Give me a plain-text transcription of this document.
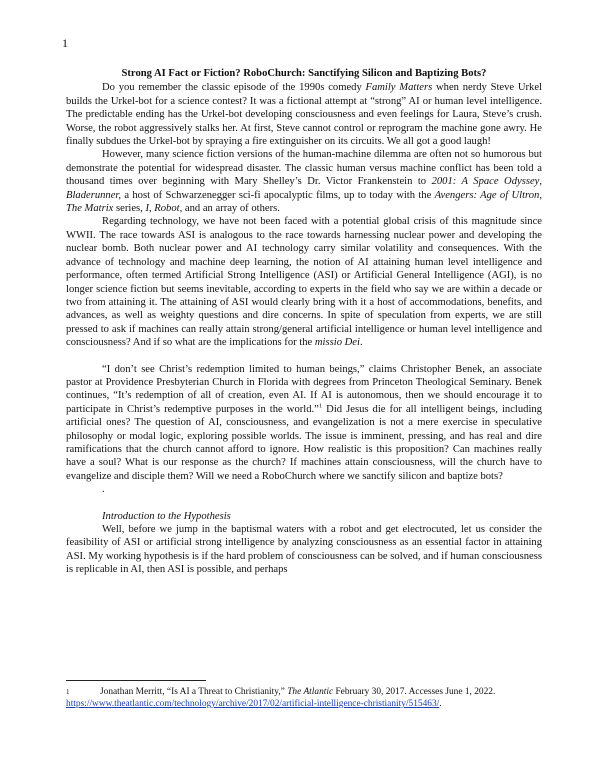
1
Strong AI Fact or Fiction? RoboChurch: Sanctifying Silicon and Baptizing Bots?

Do you remember the classic episode of the 1990s comedy Family Matters when nerdy Steve Urkel builds the Urkel-bot for a science contest? It was a fictional attempt at “strong” AI or human level intelligence. The predictable ending has the Urkel-bot developing consciousness and even feelings for Laura, Steve’s crush. Worse, the robot aggressively stalks her. At first, Steve cannot control or reprogram the machine gone awry. He finally subdues the Urkel-bot by spraying a fire extinguisher on its circuits. We all got a good laugh!

However, many science fiction versions of the human-machine dilemma are often not so humorous but demonstrate the potential for widespread disaster. The classic human versus machine conflict has been told a thousand times over beginning with Mary Shelley’s Dr. Victor Frankenstein to 2001: A Space Odyssey, Bladerunner, a host of Schwarzenegger sci-fi apocalyptic films, up to today with the Avengers: Age of Ultron, The Matrix series, I, Robot, and an array of others.

Regarding technology, we have not been faced with a potential global crisis of this magnitude since WWII. The race towards ASI is analogous to the race towards harnessing nuclear power and developing the nuclear bomb. Both nuclear power and AI technology carry similar volatility and consequences. With the advance of technology and machine deep learning, the notion of AI attaining human level intelligence and performance, often termed Artificial Strong Intelligence (ASI) or Artificial General Intelligence (AGI), is no longer science fiction but seems inevitable, according to experts in the field who say we are within a decade or two from attaining it. The attaining of ASI would clearly bring with it a host of accommodations, benefits, and advances, as well as weighty questions and dire concerns. In spite of speculation from experts, we are still pressed to ask if machines can really attain strong/general artificial intelligence or human level intelligence and consciousness? And if so what are the implications for the missio Dei.

“I don’t see Christ’s redemption limited to human beings,” claims Christopher Benek, an associate pastor at Providence Presbyterian Church in Florida with degrees from Princeton Theological Seminary. Benek continues, “It’s redemption of all of creation, even AI. If AI is autonomous, then we should encourage it to participate in Christ’s redemptive purposes in the world.”$^1$ Did Jesus die for all intelligent beings, including artificial ones? The question of AI, consciousness, and evangelization is not a mere exercise in speculative philosophy or modal logic, exploring possible worlds. The issue is imminent, pressing, and has real and dire ramifications that the church cannot afford to ignore. How realistic is this proposition? Can machines really have a soul? What is our response as the church? If machines attain consciousness, will the church have to evangelize and disciple them? Will we need a RoboChurch where we sanctify silicon and baptize bots?

.
Introduction to the Hypothesis

Well, before we jump in the baptismal waters with a robot and get electrocuted, let us consider the feasibility of ASI or artificial strong intelligence by analyzing consciousness as an essential factor in attaining ASI. My working hypothesis is if the hard problem of consciousness can be solved, and if human consciousness is replicable in AI, then ASI is possible, and perhaps

1	Jonathan Merritt, “Is AI a Threat to Christianity,” The Atlantic February 30, 2017. Accesses June 1, 2022.
https://www.theatlantic.com/technology/archive/2017/02/artificial-intelligence-christianity/515463/.
